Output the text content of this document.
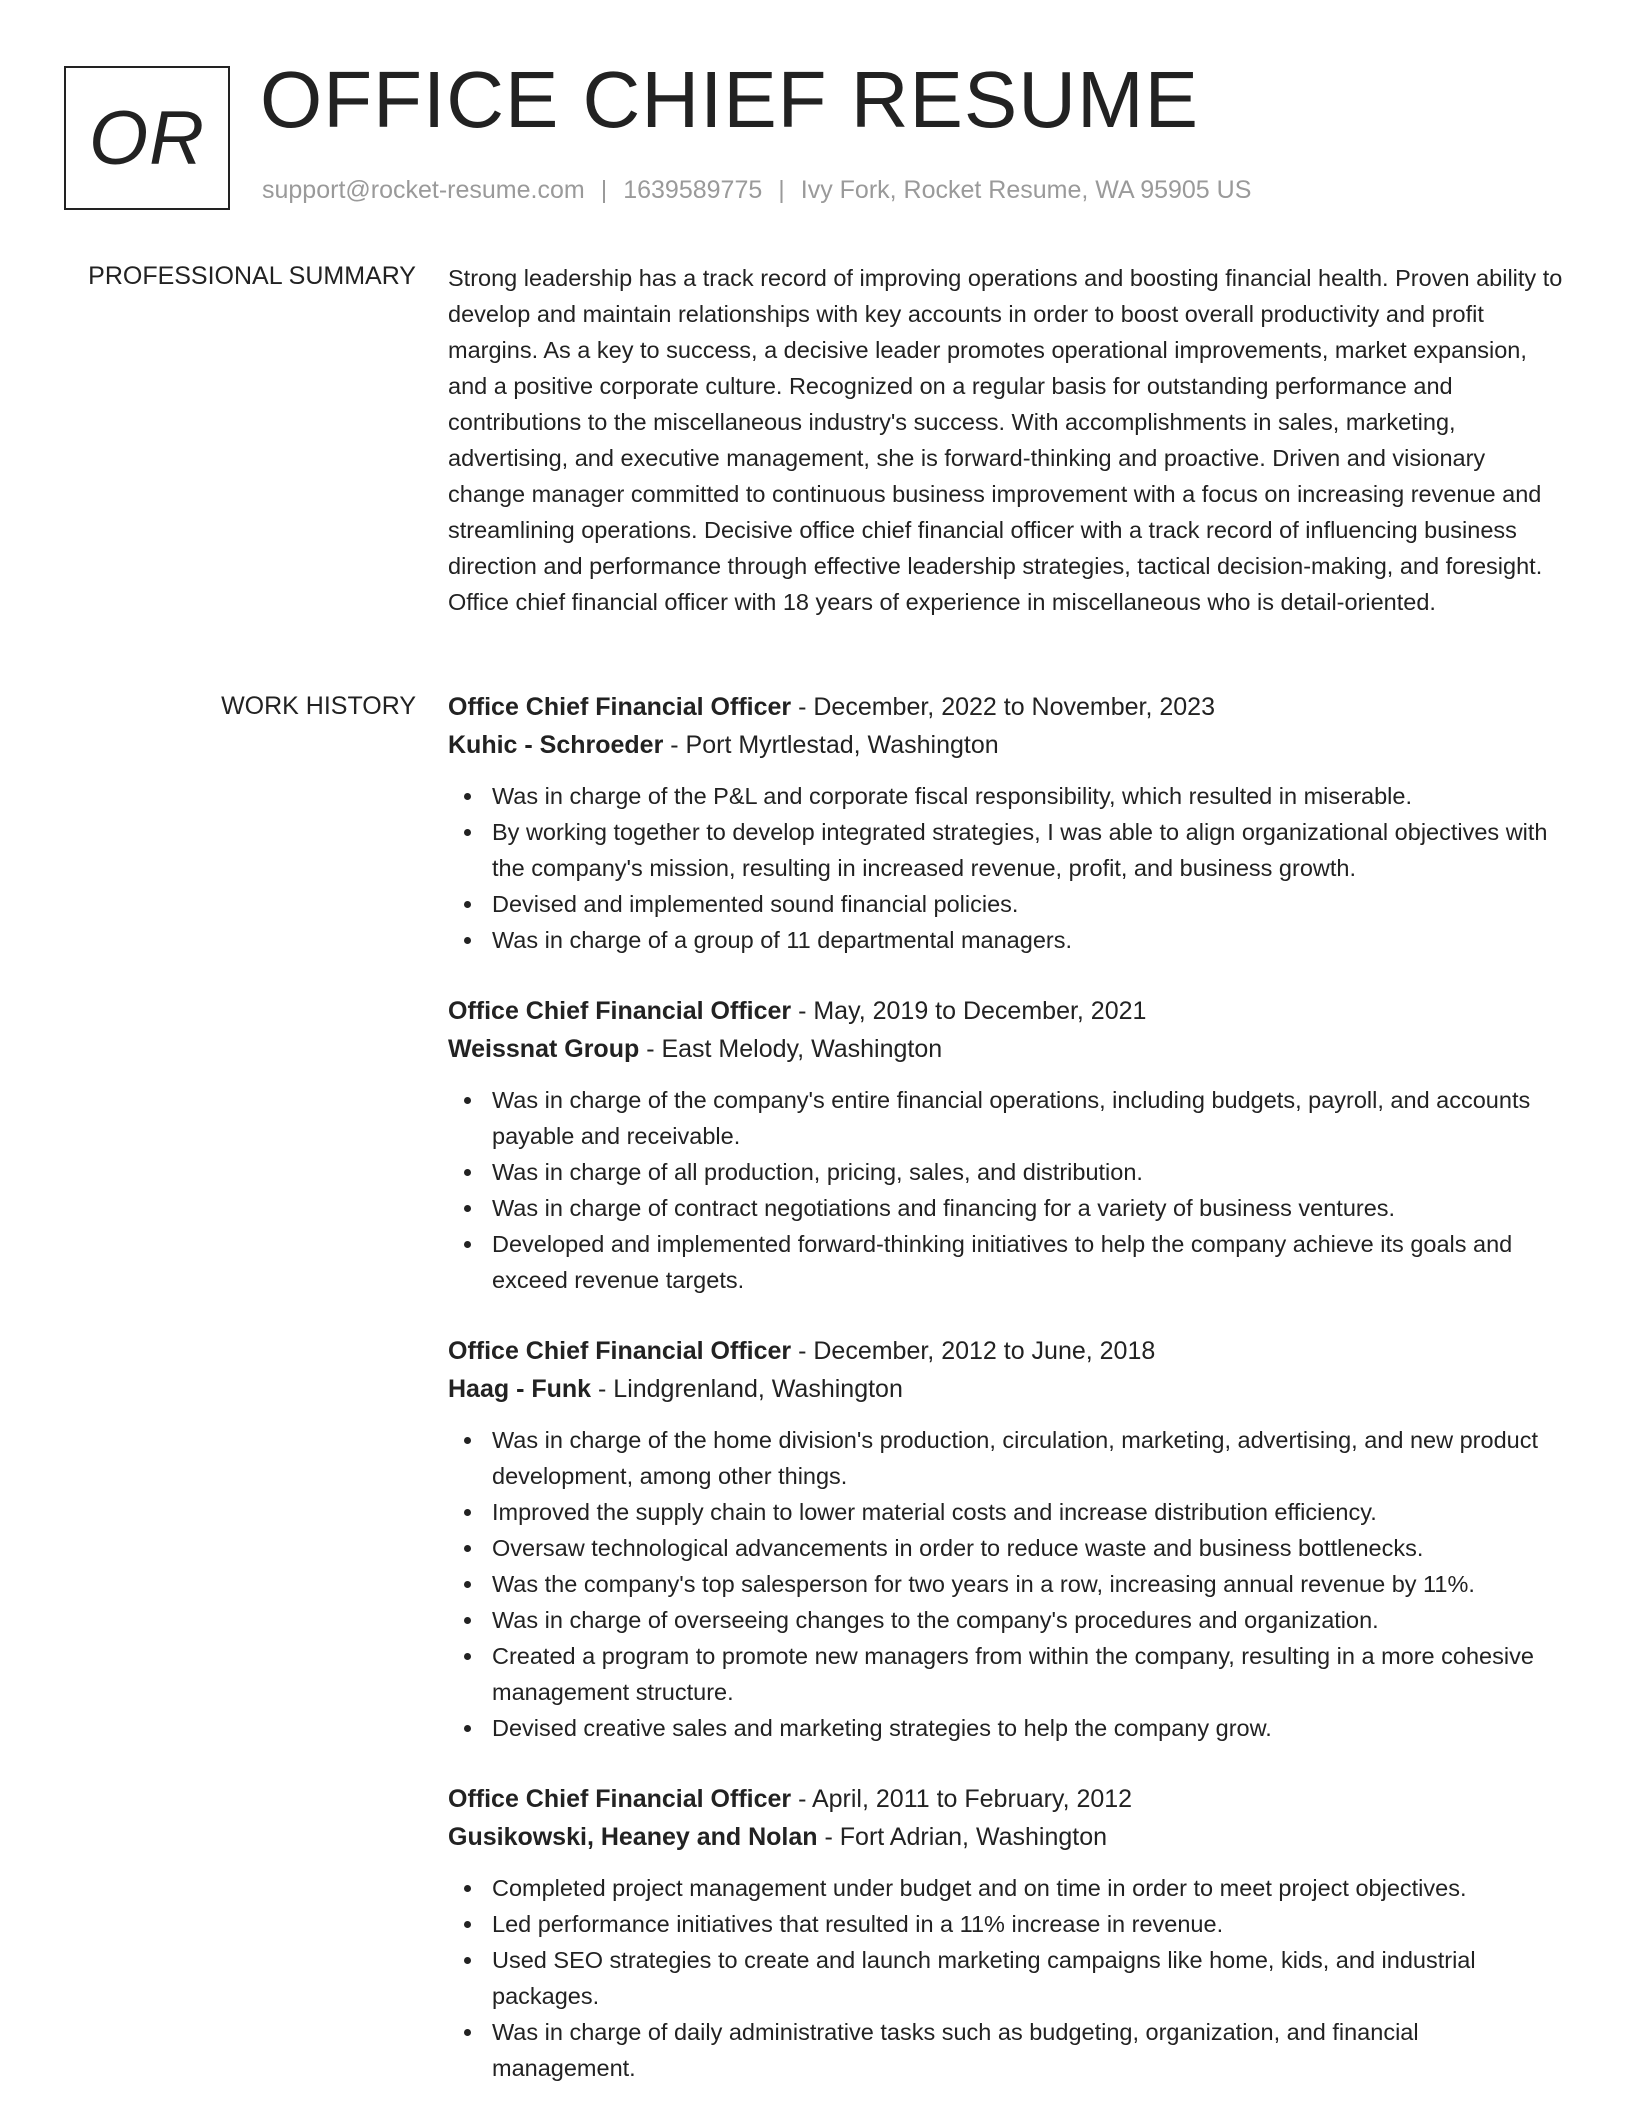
OR OFFICE CHIEF RESUME
support@rocket-resume.com | 1639589775 | Ivy Fork, Rocket Resume, WA 95905 US
PROFESSIONAL SUMMARY Strong leadership has a track record of improving operations and boosting financial health. Proven ability to develop and maintain relationships with key accounts in order to boost overall productivity and profit margins. As a key to success, a decisive leader promotes operational improvements, market expansion, and a positive corporate culture. Recognized on a regular basis for outstanding performance and contributions to the miscellaneous industry's success. With accomplishments in sales, marketing, advertising, and executive management, she is forward-thinking and proactive. Driven and visionary change manager committed to continuous business improvement with a focus on increasing revenue and streamlining operations. Decisive office chief financial officer with a track record of influencing business direction and performance through effective leadership strategies, tactical decision-making, and foresight. Office chief financial officer with 18 years of experience in miscellaneous who is detail-oriented.

WORK HISTORY Office Chief Financial Officer - December, 2022 to November, 2023
Kuhic - Schroeder - Port Myrtlestad, Washington
Was in charge of the P&L and corporate fiscal responsibility, which resulted in miserable.
By working together to develop integrated strategies, I was able to align organizational objectives with the company's mission, resulting in increased revenue, profit, and business growth.
Devised and implemented sound financial policies.
Was in charge of a group of 11 departmental managers.
Office Chief Financial Officer - May, 2019 to December, 2021
Weissnat Group - East Melody, Washington
Was in charge of the company's entire financial operations, including budgets, payroll, and accounts payable and receivable.
Was in charge of all production, pricing, sales, and distribution.
Was in charge of contract negotiations and financing for a variety of business ventures.
Developed and implemented forward-thinking initiatives to help the company achieve its goals and exceed revenue targets.
Office Chief Financial Officer - December, 2012 to June, 2018
Haag - Funk - Lindgrenland, Washington
Was in charge of the home division's production, circulation, marketing, advertising, and new product development, among other things.
Improved the supply chain to lower material costs and increase distribution efficiency.
Oversaw technological advancements in order to reduce waste and business bottlenecks.
Was the company's top salesperson for two years in a row, increasing annual revenue by 11%.
Was in charge of overseeing changes to the company's procedures and organization.
Created a program to promote new managers from within the company, resulting in a more cohesive management structure.
Devised creative sales and marketing strategies to help the company grow.
Office Chief Financial Officer - April, 2011 to February, 2012
Gusikowski, Heaney and Nolan - Fort Adrian, Washington
Completed project management under budget and on time in order to meet project objectives.
Led performance initiatives that resulted in a 11% increase in revenue.
Used SEO strategies to create and launch marketing campaigns like home, kids, and industrial packages.
Was in charge of daily administrative tasks such as budgeting, organization, and financial management.
